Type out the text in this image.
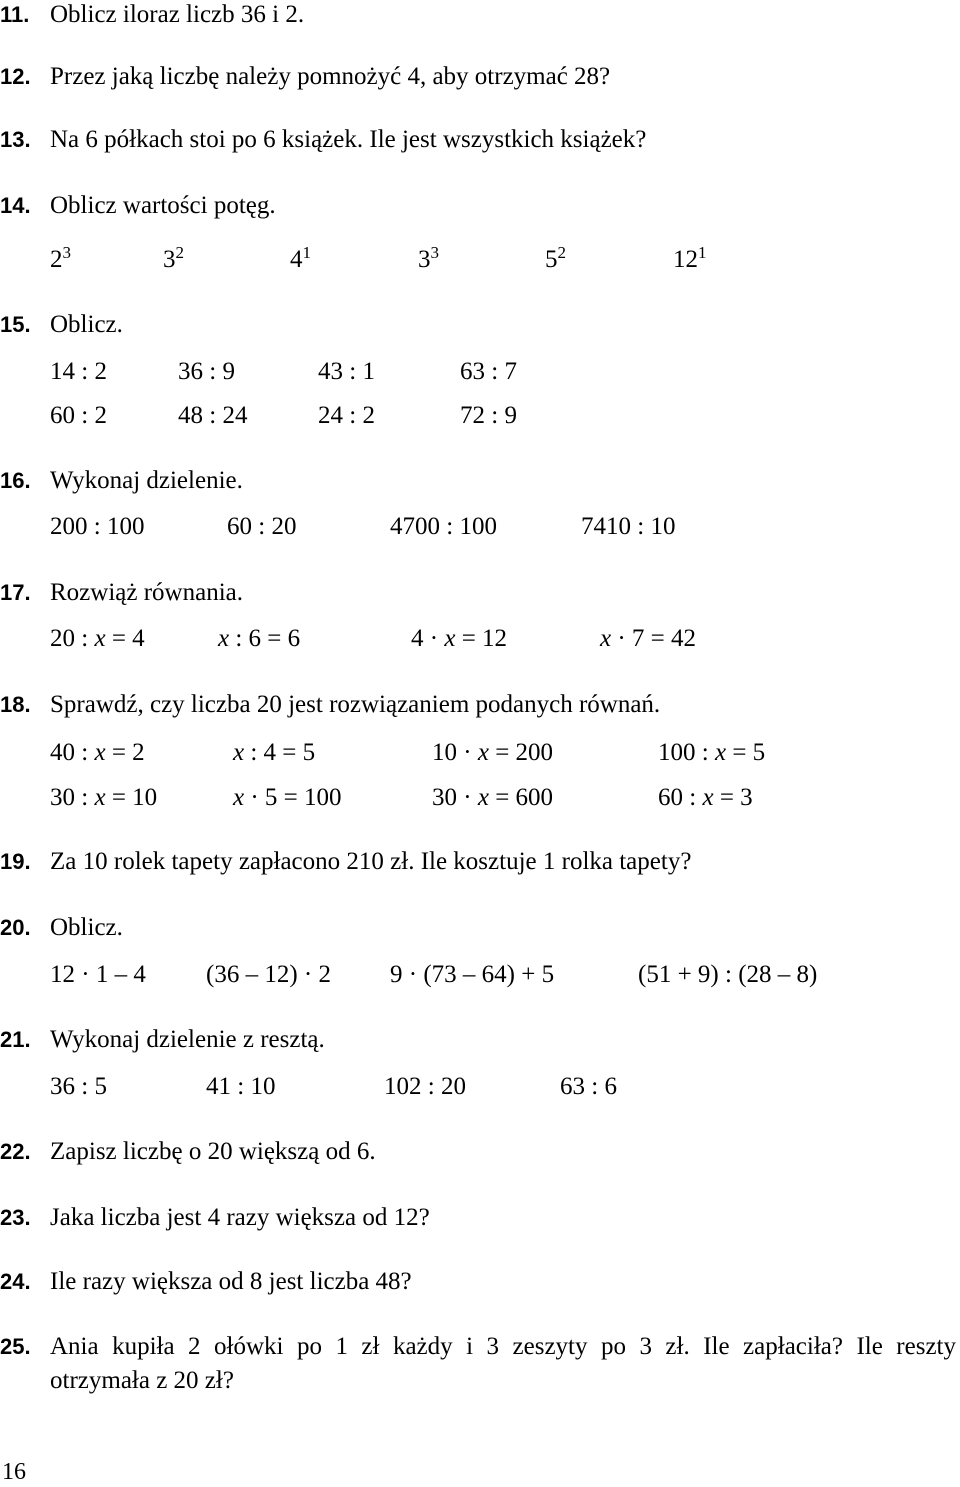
11. Oblicz iloraz liczb 36 i 2.
12. Przez jaką liczbę należy pomnożyć 4, aby otrzymać 28?
13. Na 6 półkach stoi po 6 książek. Ile jest wszystkich książek?
14. Oblicz wartości potęg.
$2^3$	$3^2$	$4^1$	$3^3$	$5^2$	$12^1$
15. Oblicz.
14 : 2	36 : 9	43 : 1	63 : 7
60 : 2	48 : 24	24 : 2	72 : 9
16. Wykonaj dzielenie.
200 : 100	60 : 20	4700 : 100	7410 : 10
17. Rozwiąż równania.
20 : x = 4	x : 6 = 6	4 · x = 12	x · 7 = 42
18. Sprawdź, czy liczba 20 jest rozwiązaniem podanych równań.
40 : x = 2	x : 4 = 5	10 · x = 200	100 : x = 5
30 : x = 10	x · 5 = 100	30 · x = 600	60 : x = 3
19. Za 10 rolek tapety zapłacono 210 zł. Ile kosztuje 1 rolka tapety?
20. Oblicz.
12 · 1 – 4 (36 – 12) · 2 9 · (73 – 64) + 5	(51 + 9) : (28 – 8)
21. Wykonaj dzielenie z resztą.
36 : 5	41 : 10	102 : 20	63 : 6
22. Zapisz liczbę o 20 większą od 6.
23. Jaka liczba jest 4 razy większa od 12?
24. Ile razy większa od 8 jest liczba 48?
25. Ania kupiła 2 ołówki po 1 zł każdy i 3 zeszyty po 3 zł. Ile zapłaciła? Ile reszty
otrzymała z 20 zł?
16
